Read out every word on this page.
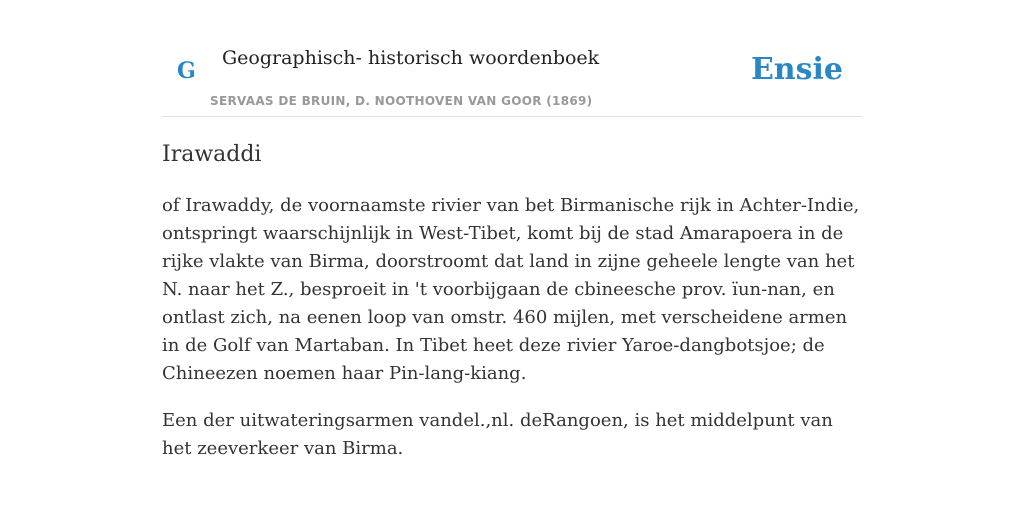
G Geographisch- historisch woordenboek
SERVAAS DE BRUIN, D. NOOTHOVEN VAN GOOR (1869)
Ensie
Irawaddi

of Irawaddy, de voornaamste rivier van bet Birmanische rijk in Achter-Indie, ontspringt waarschijnlijk in West-Tibet, komt bij de stad Amarapoera in de rijke vlakte van Birma, doorstroomt dat land in zijne geheele lengte van het N. naar het Z., besproeit in 't voorbijgaan de cbineesche prov. ïun-nan, en ontlast zich, na eenen loop van omstr. 460 mijlen, met verscheidene armen in de Golf van Martaban. In Tibet heet deze rivier Yaroe-dangbotsjoe; de Chineezen noemen haar Pin-lang-kiang.

Een der uitwateringsarmen vandel.,nl. deRangoen, is het middelpunt van het zeeverkeer van Birma.
